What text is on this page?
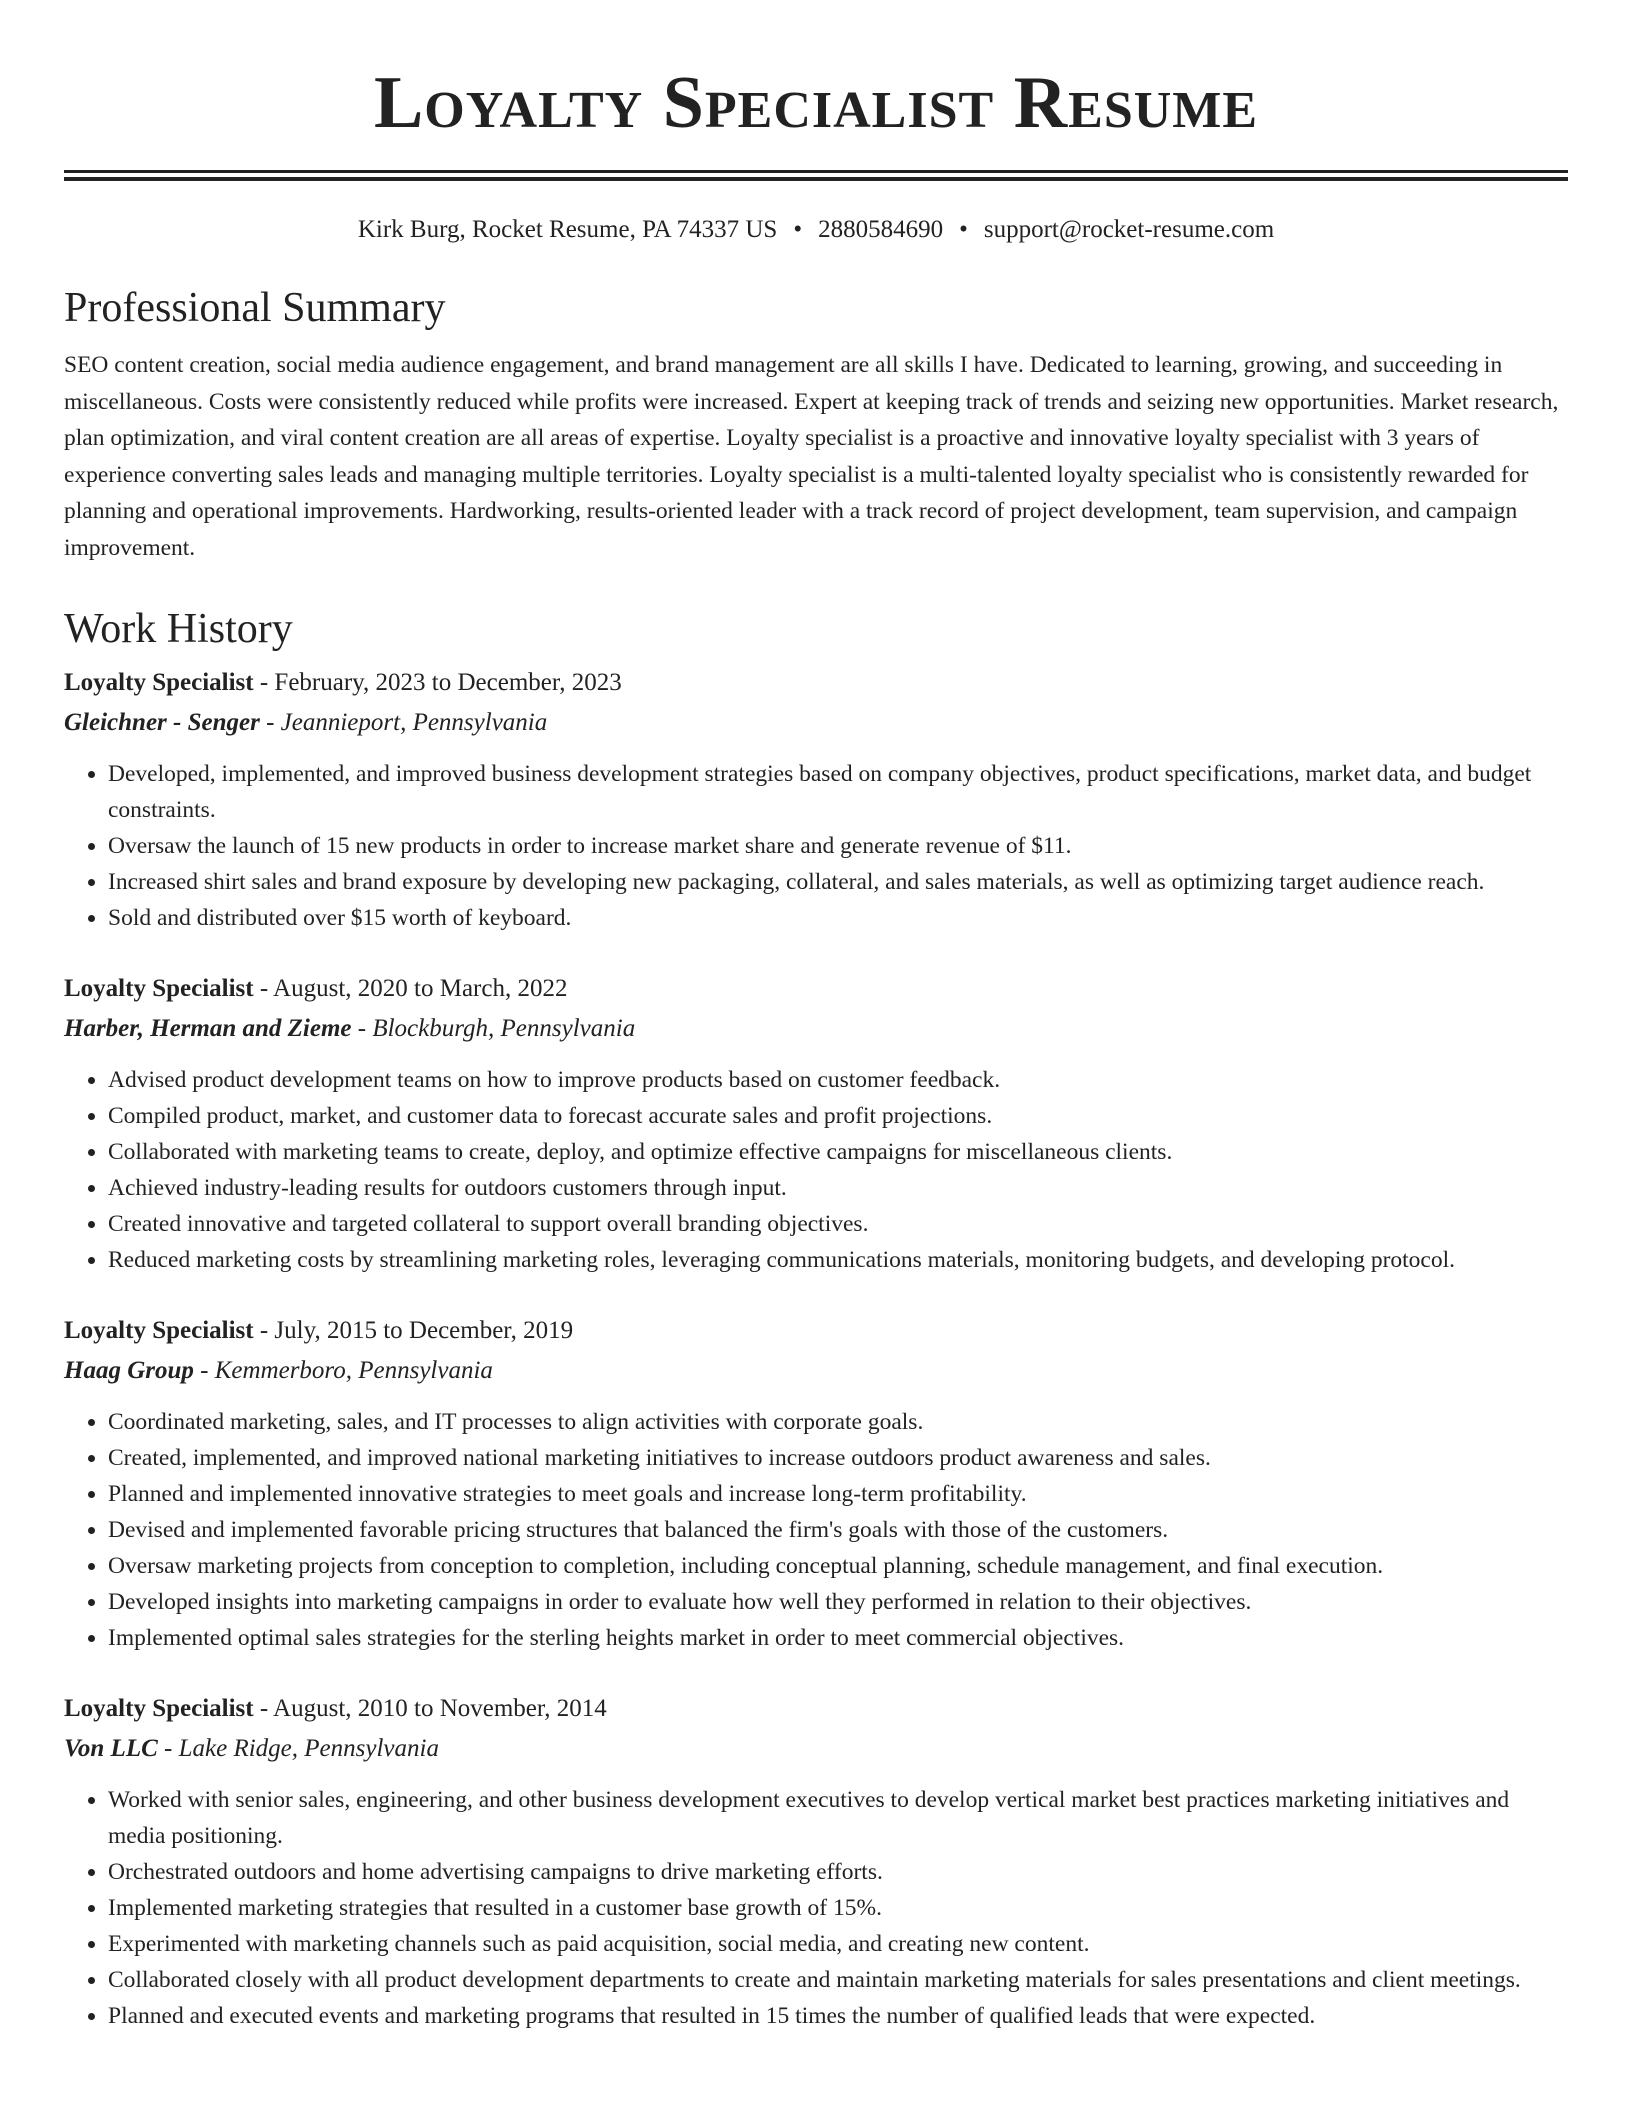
Loyalty Specialist Resume
Kirk Burg, Rocket Resume, PA 74337 US • 2880584690 • support@rocket-resume.com
Professional Summary

SEO content creation, social media audience engagement, and brand management are all skills I have. Dedicated to learning, growing, and succeeding in miscellaneous. Costs were consistently reduced while profits were increased. Expert at keeping track of trends and seizing new opportunities. Market research, plan optimization, and viral content creation are all areas of expertise. Loyalty specialist is a proactive and innovative loyalty specialist with 3 years of experience converting sales leads and managing multiple territories. Loyalty specialist is a multi-talented loyalty specialist who is consistently rewarded for planning and operational improvements. Hardworking, results-oriented leader with a track record of project development, team supervision, and campaign improvement.

Work History

Loyalty Specialist - February, 2023 to December, 2023

Gleichner - Senger - Jeannieport, Pennsylvania

• Developed, implemented, and improved business development strategies based on company objectives, product specifications, market data, and budget constraints.
• Oversaw the launch of 15 new products in order to increase market share and generate revenue of $11.
• Increased shirt sales and brand exposure by developing new packaging, collateral, and sales materials, as well as optimizing target audience reach.
• Sold and distributed over $15 worth of keyboard.

Loyalty Specialist - August, 2020 to March, 2022

Harber, Herman and Zieme - Blockburgh, Pennsylvania

• Advised product development teams on how to improve products based on customer feedback.
• Compiled product, market, and customer data to forecast accurate sales and profit projections.
• Collaborated with marketing teams to create, deploy, and optimize effective campaigns for miscellaneous clients.
• Achieved industry-leading results for outdoors customers through input.
• Created innovative and targeted collateral to support overall branding objectives.
• Reduced marketing costs by streamlining marketing roles, leveraging communications materials, monitoring budgets, and developing protocol.

Loyalty Specialist - July, 2015 to December, 2019

Haag Group - Kemmerboro, Pennsylvania

• Coordinated marketing, sales, and IT processes to align activities with corporate goals.
• Created, implemented, and improved national marketing initiatives to increase outdoors product awareness and sales.
• Planned and implemented innovative strategies to meet goals and increase long-term profitability.
• Devised and implemented favorable pricing structures that balanced the firm's goals with those of the customers.
• Oversaw marketing projects from conception to completion, including conceptual planning, schedule management, and final execution.
• Developed insights into marketing campaigns in order to evaluate how well they performed in relation to their objectives.
• Implemented optimal sales strategies for the sterling heights market in order to meet commercial objectives.

Loyalty Specialist - August, 2010 to November, 2014

Von LLC - Lake Ridge, Pennsylvania

• Worked with senior sales, engineering, and other business development executives to develop vertical market best practices marketing initiatives and media positioning.
• Orchestrated outdoors and home advertising campaigns to drive marketing efforts.
• Implemented marketing strategies that resulted in a customer base growth of 15%.
• Experimented with marketing channels such as paid acquisition, social media, and creating new content.
• Collaborated closely with all product development departments to create and maintain marketing materials for sales presentations and client meetings.
• Planned and executed events and marketing programs that resulted in 15 times the number of qualified leads that were expected.
